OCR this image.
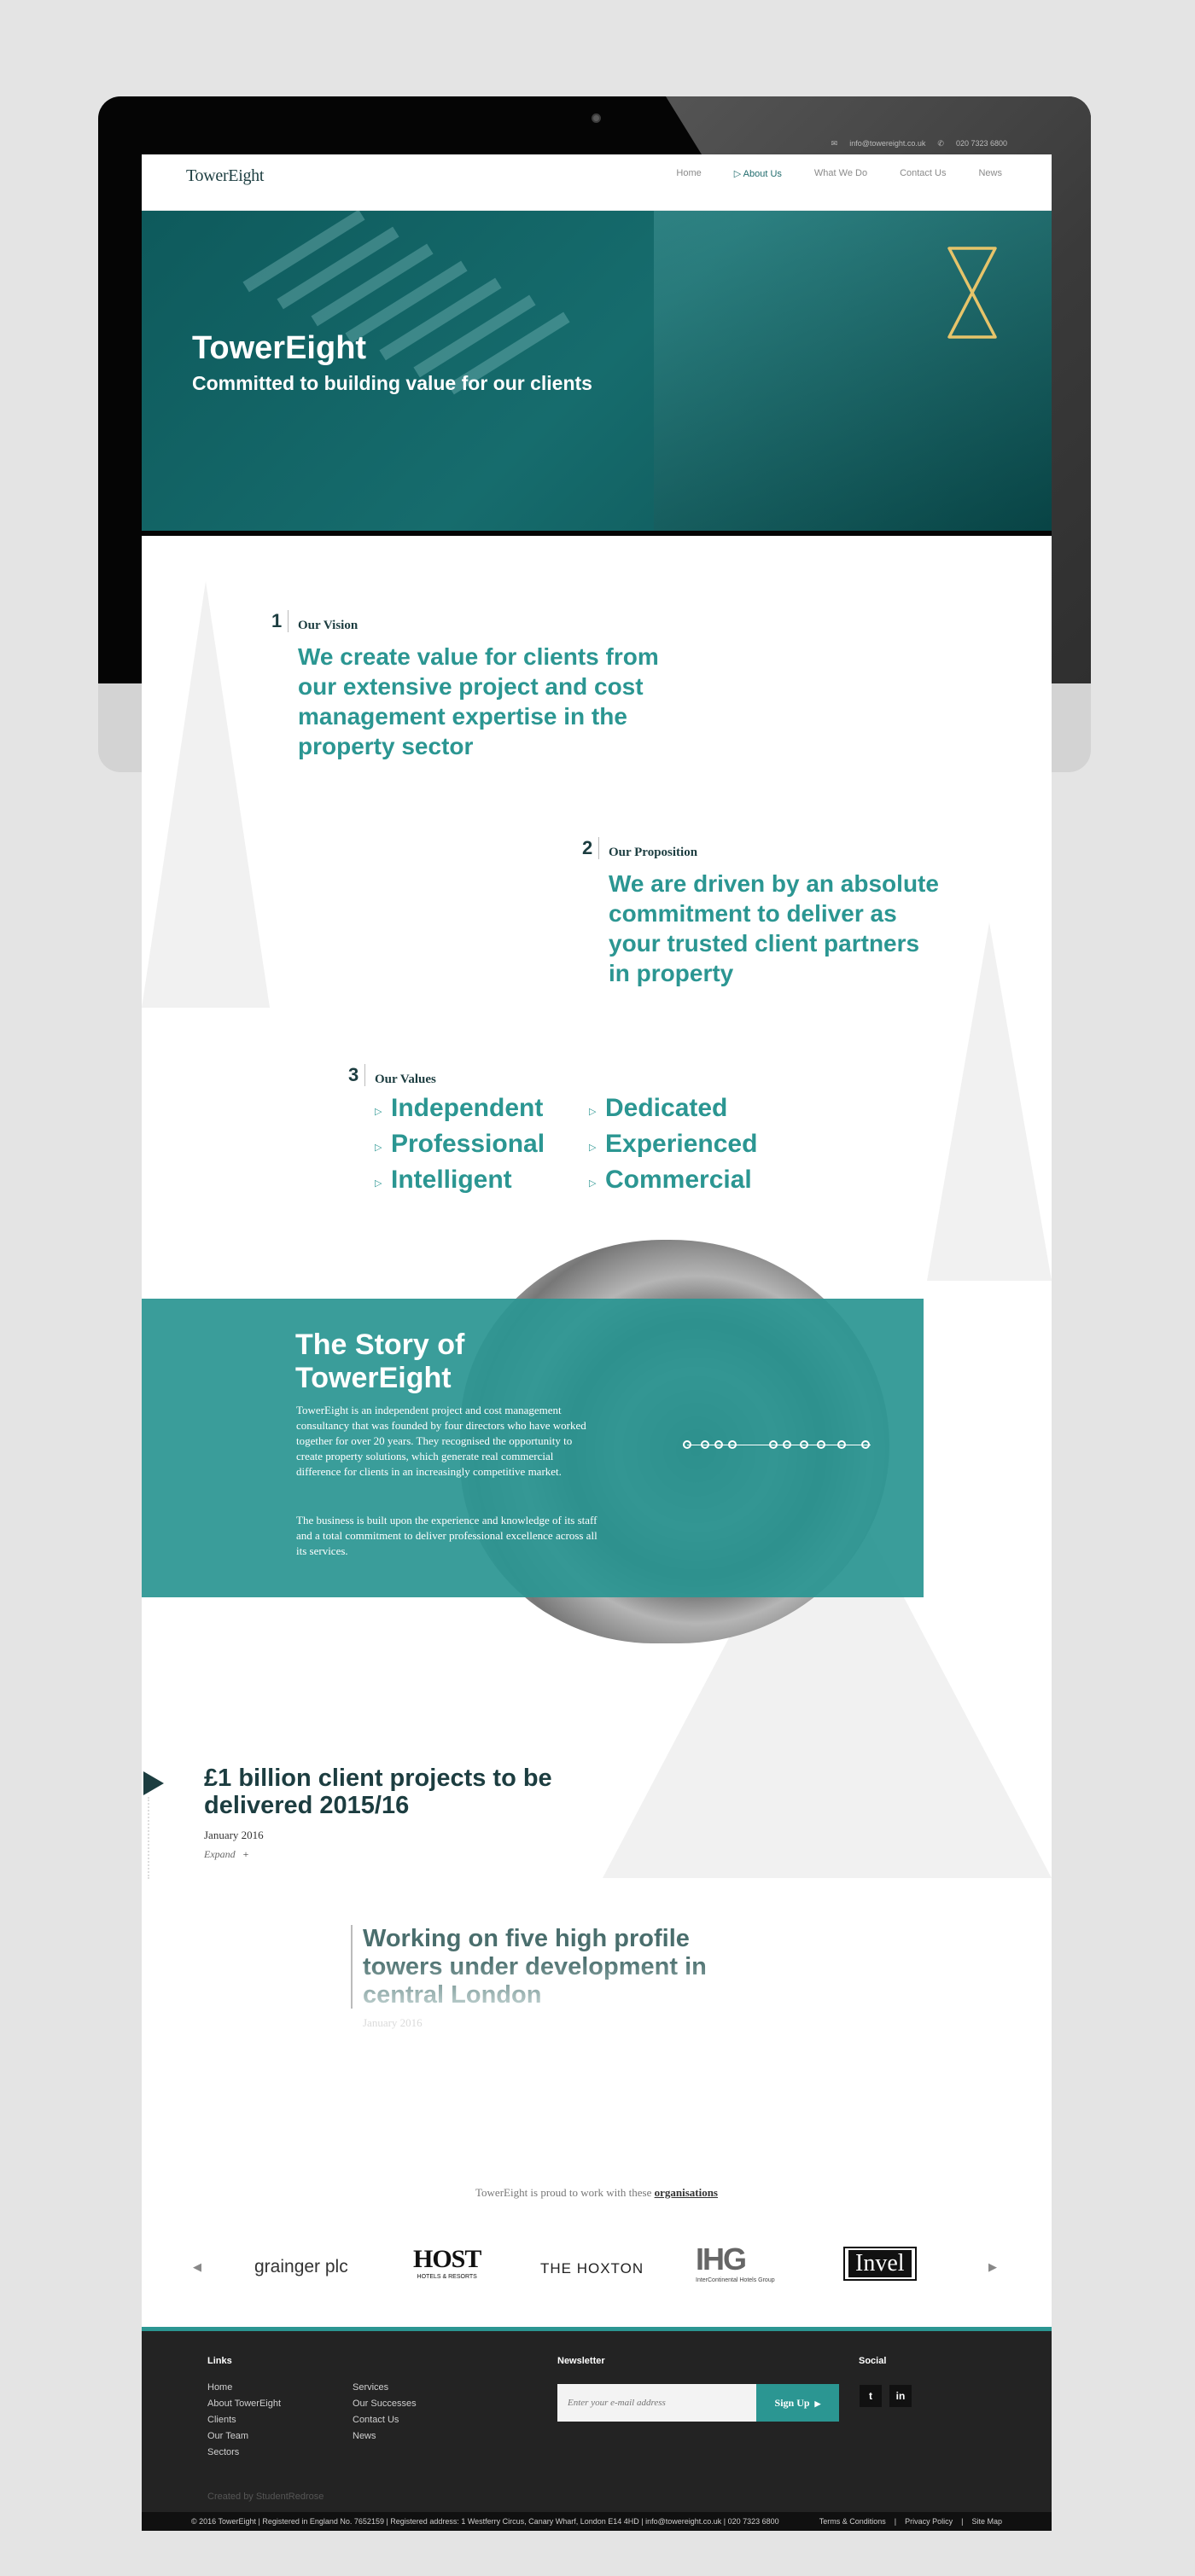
✉ info@towereight.co.uk ✆ 020 7323 6800
TowerEight	Home	▷ About Us	What We Do	Contact Us	News
TowerEight
Committed to building value for our clients
1	Our Vision
We create value for clients from
our extensive project and cost
management expertise in the
property sector
2	Our Proposition
We are driven by an absolute
commitment to deliver as
your trusted client partners
in property
3	Our Values
▷ Independent
▷ Professional
▷ Intelligent
▷ Dedicated
▷ Experienced
▷ Commercial
The Story of
TowerEight
TowerEight is an independent project and cost management consultancy that was founded by four directors who have worked together for over 20 years. They recognised the opportunity to create property solutions, which generate real commercial difference for clients in an increasingly competitive market.
The business is built upon the experience and knowledge of its staff and a total commitment to deliver professional excellence across all its services.
£1 billion client projects to be
delivered 2015/16
January 2016
Expand +
Working on five high profile
towers under development in
central London
January 2016
TowerEight is proud to work with these organisations
◀	▶
grainger plc	HOST
HOTELS & RESORTS
THE HOXTON IHG
InterContinental Hotels Group
Invel
Links
Home
About TowerEight
Clients
Our Team
Sectors
Services
Our Successes
Contact Us
News
Newsletter
Enter your e-mail address
Sign Up ▶
Social
t	in
Created by StudentRedrose
© 2016 TowerEight | Registered in England No. 7652159 | Registered address: 1 Westferry Circus, Canary Wharf, London E14 4HD | info@towereight.co.uk | 020 7323 6800	Terms & Conditions | Privacy Policy | Site Map
